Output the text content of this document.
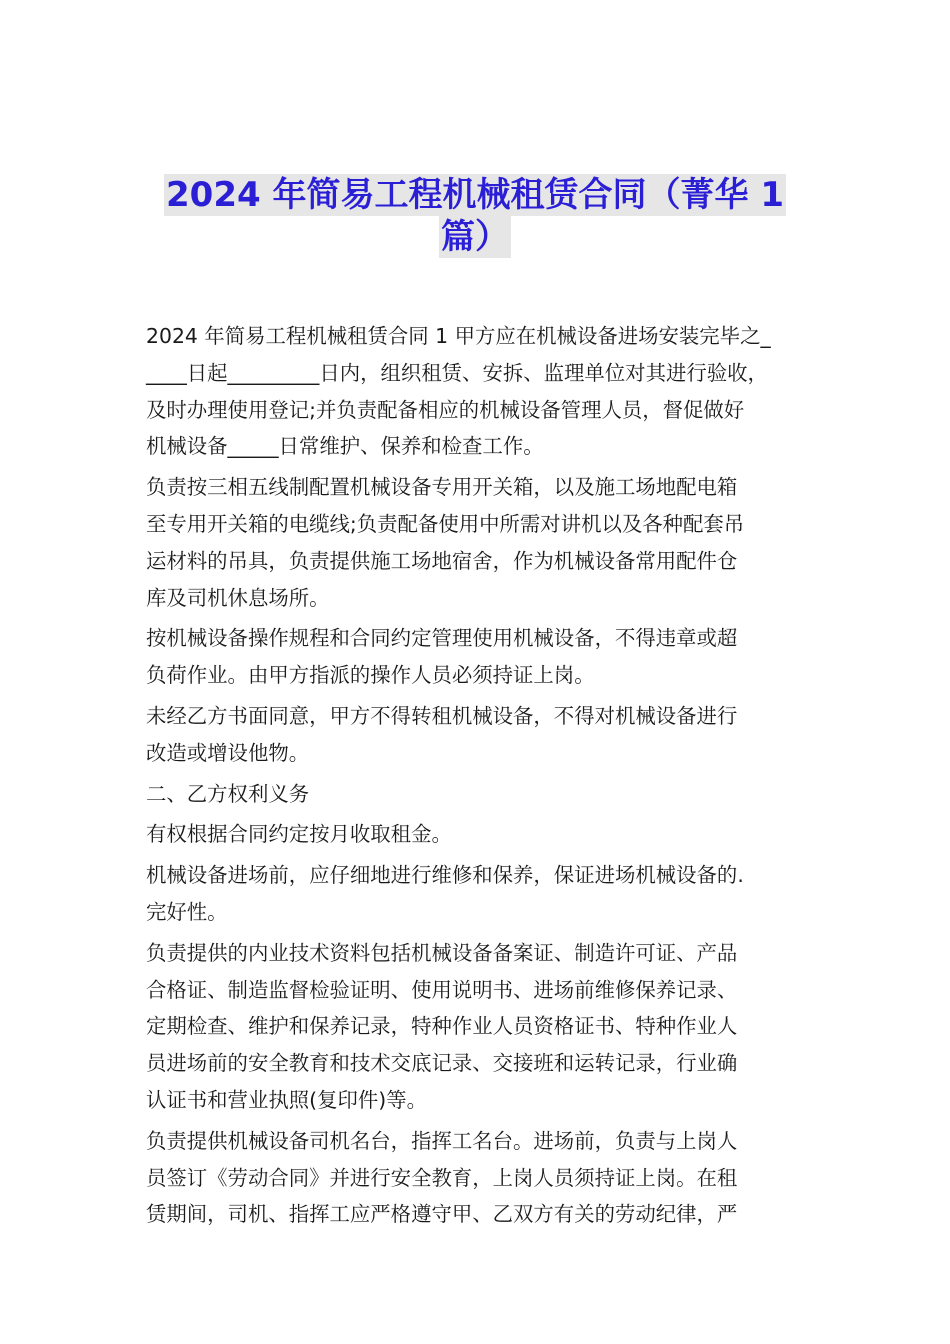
2024 年简易工程机械租赁合同（菁华 1
篇）
2024 年简易工程机械租赁合同 1 甲方应在机械设备进场安装完毕之_
____日起_________日内，组织租赁、安拆、监理单位对其进行验收，
及时办理使用登记;并负责配备相应的机械设备管理人员，督促做好
机械设备_____日常维护、保养和检查工作。
负责按三相五线制配置机械设备专用开关箱，以及施工场地配电箱
至专用开关箱的电缆线;负责配备使用中所需对讲机以及各种配套吊
运材料的吊具，负责提供施工场地宿舍，作为机械设备常用配件仓
库及司机休息场所。
按机械设备操作规程和合同约定管理使用机械设备，不得违章或超
负荷作业。由甲方指派的操作人员必须持证上岗。
未经乙方书面同意，甲方不得转租机械设备，不得对机械设备进行
改造或增设他物。
二、乙方权利义务
有权根据合同约定按月收取租金。
机械设备进场前，应仔细地进行维修和保养，保证进场机械设备的.
完好性。
负责提供的内业技术资料包括机械设备备案证、制造许可证、产品
合格证、制造监督检验证明、使用说明书、进场前维修保养记录、
定期检查、维护和保养记录，特种作业人员资格证书、特种作业人
员进场前的安全教育和技术交底记录、交接班和运转记录，行业确
认证书和营业执照(复印件)等。
负责提供机械设备司机名台，指挥工名台。进场前，负责与上岗人
员签订《劳动合同》并进行安全教育，上岗人员须持证上岗。在租
赁期间，司机、指挥工应严格遵守甲、乙双方有关的劳动纪律，严
